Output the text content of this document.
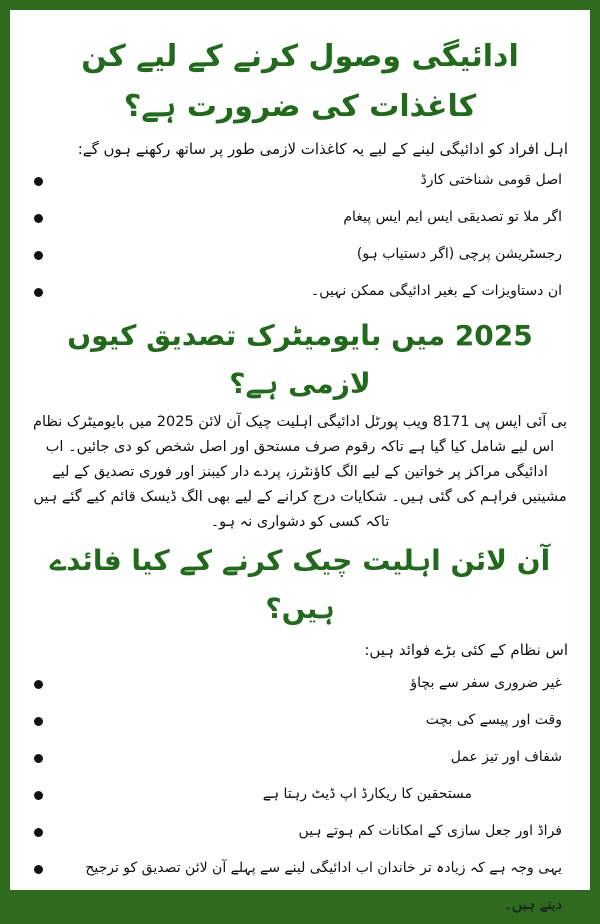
ادائیگی وصول کرنے کے لیے کن کاغذات کی ضرورت ہے؟

اہل افراد کو ادائیگی لینے کے لیے یہ کاغذات لازمی طور پر ساتھ رکھنے ہوں گے:

اصل قومی شناختی کارڈ
اگر ملا تو تصدیقی ایس ایم ایس پیغام
رجسٹریشن پرچی (اگر دستیاب ہو)
ان دستاویزات کے بغیر ادائیگی ممکن نہیں۔
2025 میں بایومیٹرک تصدیق کیوں لازمی ہے؟

بی آئی ایس پی 8171 ویب پورٹل ادائیگی اہلیت چیک آن لائن 2025 میں بایومیٹرک نظام اس لیے شامل کیا گیا ہے تاکہ رقوم صرف مستحق اور اصل شخص کو دی جائیں۔ اب ادائیگی مراکز پر خواتین کے لیے الگ کاؤنٹرز، پردے دار کیبنز اور فوری تصدیق کے لیے مشینیں فراہم کی گئی ہیں۔ شکایات درج کرانے کے لیے بھی الگ ڈیسک قائم کیے گئے ہیں تاکہ کسی کو دشواری نہ ہو۔

آن لائن اہلیت چیک کرنے کے کیا فائدے ہیں؟

اس نظام کے کئی بڑے فوائد ہیں:

غیر ضروری سفر سے بچاؤ
وقت اور پیسے کی بچت
شفاف اور تیز عمل
مستحقین کا ریکارڈ اپ ڈیٹ رہتا ہے
فراڈ اور جعل سازی کے امکانات کم ہوتے ہیں
یہی وجہ ہے کہ زیادہ تر خاندان اب ادائیگی لینے سے پہلے آن لائن تصدیق کو ترجیح دیتے ہیں۔
